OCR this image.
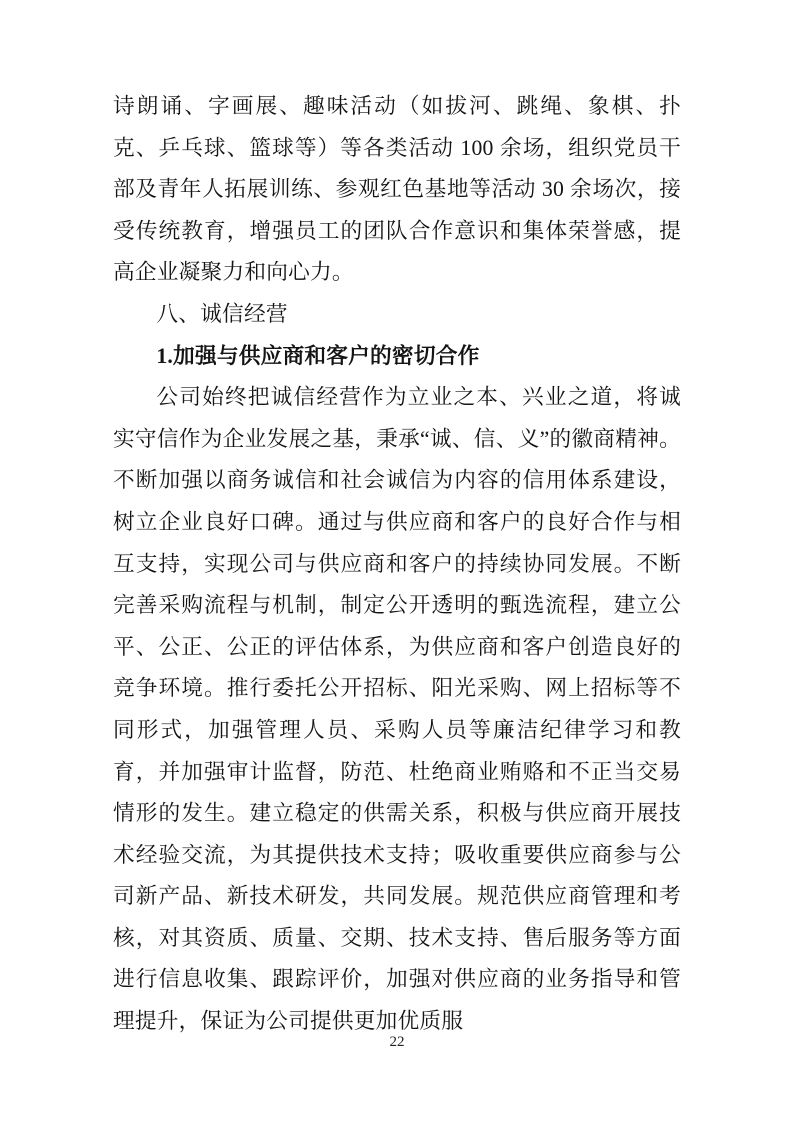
诗朗诵、字画展、趣味活动（如拔河、跳绳、象棋、扑克、乒乓球、篮球等）等各类活动 100 余场，组织党员干部及青年人拓展训练、参观红色基地等活动 30 余场次，接受传统教育，增强员工的团队合作意识和集体荣誉感，提高企业凝聚力和向心力。

八、诚信经营

1.加强与供应商和客户的密切合作

公司始终把诚信经营作为立业之本、兴业之道，将诚实守信作为企业发展之基，秉承“诚、信、义”的徽商精神。不断加强以商务诚信和社会诚信为内容的信用体系建设，树立企业良好口碑。通过与供应商和客户的良好合作与相互支持，实现公司与供应商和客户的持续协同发展。不断完善采购流程与机制，制定公开透明的甄选流程，建立公平、公正、公正的评估体系，为供应商和客户创造良好的竞争环境。推行委托公开招标、阳光采购、网上招标等不同形式，加强管理人员、采购人员等廉洁纪律学习和教育，并加强审计监督，防范、杜绝商业贿赂和不正当交易情形的发生。建立稳定的供需关系，积极与供应商开展技术经验交流，为其提供技术支持；吸收重要供应商参与公司新产品、新技术研发，共同发展。规范供应商管理和考核，对其资质、质量、交期、技术支持、售后服务等方面进行信息收集、跟踪评价，加强对供应商的业务指导和管理提升，保证为公司提供更加优质服

22
